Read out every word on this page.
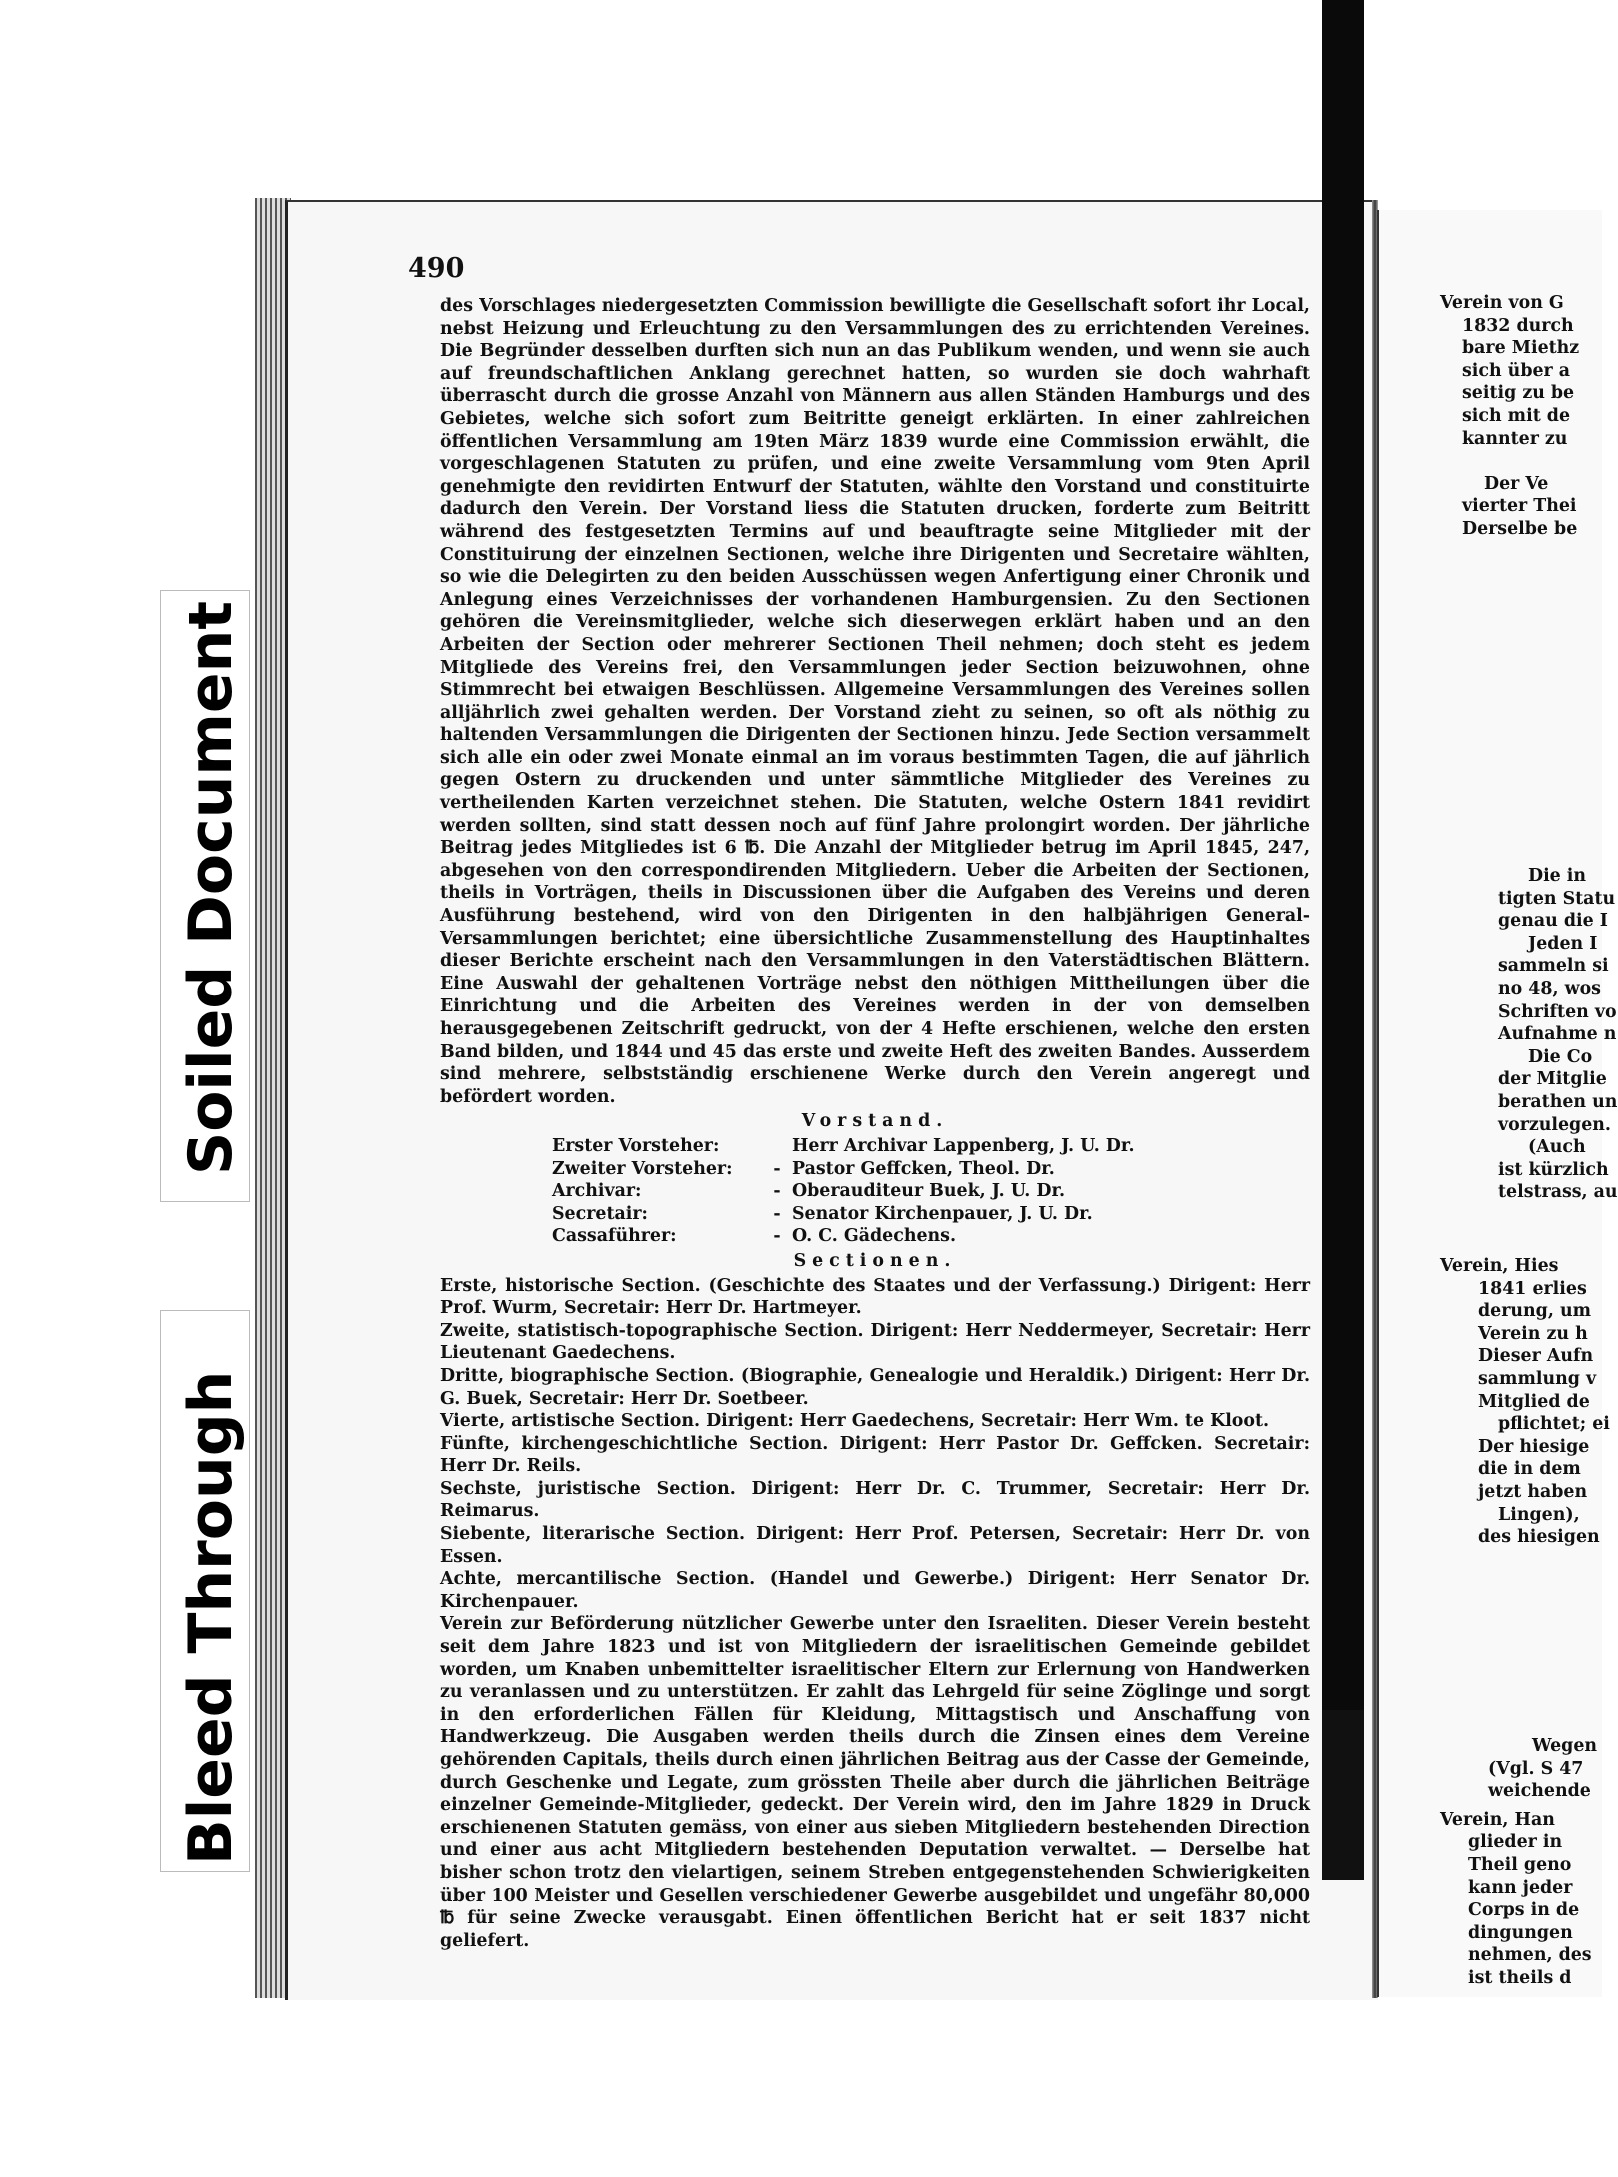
Soiled Document
Bleed Through
490

des Vorschlages niedergesetzten Commission bewilligte die Gesellschaft sofort ihr Local, nebst Heizung und Erleuchtung zu den Versammlungen des zu errichtenden Vereines. Die Begründer desselben durften sich nun an das Publikum wenden, und wenn sie auch auf freundschaftlichen Anklang gerechnet hatten, so wurden sie doch wahrhaft überrascht durch die grosse Anzahl von Männern aus allen Ständen Hamburgs und des Gebietes, welche sich sofort zum Beitritte geneigt erklärten. In einer zahlreichen öffentlichen Versammlung am 19ten März 1839 wurde eine Commission erwählt, die vorgeschlagenen Statuten zu prüfen, und eine zweite Versammlung vom 9ten April genehmigte den revidirten Entwurf der Statuten, wählte den Vorstand und constituirte dadurch den Verein. Der Vorstand liess die Statuten drucken, forderte zum Beitritt während des festgesetzten Termins auf und beauftragte seine Mitglieder mit der Constituirung der einzelnen Sectionen, welche ihre Dirigenten und Secretaire wählten, so wie die Delegirten zu den beiden Ausschüssen wegen Anfertigung einer Chronik und Anlegung eines Verzeichnisses der vorhandenen Hamburgensien. Zu den Sectionen gehören die Vereinsmitglieder, welche sich dieserwegen erklärt haben und an den Arbeiten der Section oder mehrerer Sectionen Theil nehmen; doch steht es jedem Mitgliede des Vereins frei, den Versammlungen jeder Section beizuwohnen, ohne Stimmrecht bei etwaigen Beschlüssen. Allgemeine Versammlungen des Vereines sollen alljährlich zwei gehalten werden. Der Vorstand zieht zu seinen, so oft als nöthig zu haltenden Versammlungen die Dirigenten der Sectionen hinzu. Jede Section versammelt sich alle ein oder zwei Monate einmal an im voraus bestimmten Tagen, die auf jährlich gegen Ostern zu druckenden und unter sämmtliche Mitglieder des Vereines zu vertheilenden Karten verzeichnet stehen. Die Statuten, welche Ostern 1841 revidirt werden sollten, sind statt dessen noch auf fünf Jahre prolongirt worden. Der jährliche Beitrag jedes Mitgliedes ist 6 ℔. Die Anzahl der Mitglieder betrug im April 1845, 247, abgesehen von den correspondirenden Mitgliedern. Ueber die Arbeiten der Sectionen, theils in Vorträgen, theils in Discussionen über die Aufgaben des Vereins und deren Ausführung bestehend, wird von den Dirigenten in den halbjährigen General-Versammlungen berichtet; eine übersichtliche Zusammenstellung des Hauptinhaltes dieser Berichte erscheint nach den Versammlungen in den Vaterstädtischen Blättern. Eine Auswahl der gehaltenen Vorträge nebst den nöthigen Mittheilungen über die Einrichtung und die Arbeiten des Vereines werden in der von demselben herausgegebenen Zeitschrift gedruckt, von der 4 Hefte erschienen, welche den ersten Band bilden, und 1844 und 45 das erste und zweite Heft des zweiten Bandes. Ausserdem sind mehrere, selbstständig erschienene Werke durch den Verein angeregt und befördert worden.

Vorstand.
Erster Vorsteher:		Herr Archivar Lappenberg, J. U. Dr.
Zweiter Vorsteher:	-	Pastor Geffcken, Theol. Dr.
Archivar:	-	Oberauditeur Buek, J. U. Dr.
Secretair:	-	Senator Kirchenpauer, J. U. Dr.
Cassaführer:	-	O. C. Gädechens.
Sectionen.

Erste, historische Section. (Geschichte des Staates und der Verfassung.) Dirigent: Herr Prof. Wurm, Secretair: Herr Dr. Hartmeyer.

Zweite, statistisch-topographische Section. Dirigent: Herr Neddermeyer, Secretair: Herr Lieutenant Gaedechens.

Dritte, biographische Section. (Biographie, Genealogie und Heraldik.) Dirigent: Herr Dr. G. Buek, Secretair: Herr Dr. Soetbeer.

Vierte, artistische Section. Dirigent: Herr Gaedechens, Secretair: Herr Wm. te Kloot.

Fünfte, kirchengeschichtliche Section. Dirigent: Herr Pastor Dr. Geffcken. Secretair: Herr Dr. Reils.

Sechste, juristische Section. Dirigent: Herr Dr. C. Trummer, Secretair: Herr Dr. Reimarus.

Siebente, literarische Section. Dirigent: Herr Prof. Petersen, Secretair: Herr Dr. von Essen.

Achte, mercantilische Section. (Handel und Gewerbe.) Dirigent: Herr Senator Dr. Kirchenpauer.

Verein zur Beförderung nützlicher Gewerbe unter den Israeliten. Dieser Verein besteht seit dem Jahre 1823 und ist von Mitgliedern der israelitischen Gemeinde gebildet worden, um Knaben unbemittelter israelitischer Eltern zur Erlernung von Handwerken zu veranlassen und zu unterstützen. Er zahlt das Lehrgeld für seine Zöglinge und sorgt in den erforderlichen Fällen für Kleidung, Mittagstisch und Anschaffung von Handwerkzeug. Die Ausgaben werden theils durch die Zinsen eines dem Vereine gehörenden Capitals, theils durch einen jährlichen Beitrag aus der Casse der Gemeinde, durch Geschenke und Legate, zum grössten Theile aber durch die jährlichen Beiträge einzelner Gemeinde-Mitglieder, gedeckt. Der Verein wird, den im Jahre 1829 in Druck erschienenen Statuten gemäss, von einer aus sieben Mitgliedern bestehenden Direction und einer aus acht Mitgliedern bestehenden Deputation verwaltet. — Derselbe hat bisher schon trotz den vielartigen, seinem Streben entgegenstehenden Schwierigkeiten über 100 Meister und Gesellen verschiedener Gewerbe ausgebildet und ungefähr 80,000 ℔ für seine Zwecke verausgabt. Einen öffentlichen Bericht hat er seit 1837 nicht geliefert.

Verein von G
1832 durch
bare Miethz
sich über a
seitig zu be
sich mit de
kannter zu
Der Ve
vierter Thei
Derselbe be
Die in
tigten Statu
genau die I
Jeden I
sammeln si
no 48, wos
Schriften vo
Aufnahme n
Die Co
der Mitglie
berathen un
vorzulegen.
(Auch
ist kürzlich
telstrass, au
Verein, Hies
1841 erlies
derung, um
Verein zu h
Dieser Aufn
sammlung v
Mitglied de
pflichtet; ei
Der hiesige
die in dem
jetzt haben
Lingen),
des hiesigen
Wegen
(Vgl. S 47
weichende
Verein, Han
glieder in
Theil geno
kann jeder
Corps in de
dingungen
nehmen, des
ist theils d
